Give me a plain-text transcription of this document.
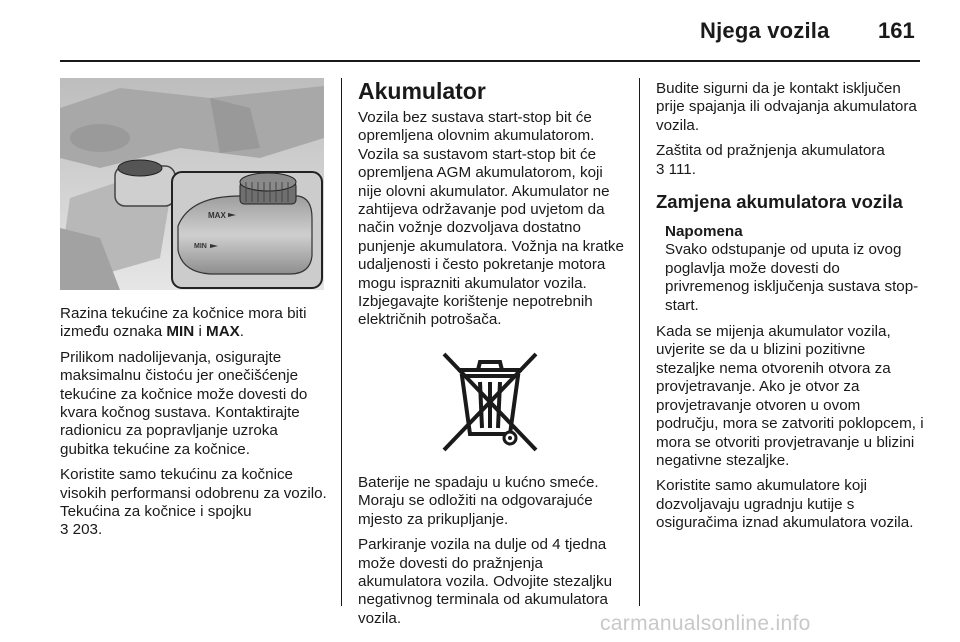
Njega vozila 161
MAX
MIN

Razina tekućine za kočnice mora biti između oznaka MIN i MAX.

Prilikom nadolijevanja, osigurajte maksimalnu čistoću jer onečišćenje tekućine za kočnice može dovesti do kvara kočnog sustava. Kontaktirajte radionicu za popravljanje uzroka gubitka tekućine za kočnice.

Koristite samo tekućinu za kočnice visokih performansi odobrenu za vozilo. Tekućina za kočnice i spojku
3 203.

Akumulator

Vozila bez sustava start-stop bit će opremljena olovnim akumulatorom. Vozila sa sustavom start-stop bit će opremljena AGM akumulatorom, koji nije olovni akumulator. Akumulator ne zahtijeva održavanje pod uvjetom da način vožnje dozvoljava dostatno punjenje akumulatora. Vožnja na kratke udaljenosti i često pokretanje motora mogu isprazniti akumulator vozila. Izbjegavajte korištenje nepotrebnih električnih potrošača.

Baterije ne spadaju u kućno smeće. Moraju se odložiti na odgovarajuće mjesto za prikupljanje.

Parkiranje vozila na dulje od 4 tjedna može dovesti do pražnjenja akumulatora vozila. Odvojite stezaljku negativnog terminala od akumulatora vozila.

Budite sigurni da je kontakt isključen prije spajanja ili odvajanja akumulatora vozila.

Zaštita od pražnjenja akumulatora
3 111.

Zamjena akumulatora vozila
Napomena
Svako odstupanje od uputa iz ovog poglavlja može dovesti do privremenog isključenja sustava stop-start.

Kada se mijenja akumulator vozila, uvjerite se da u blizini pozitivne stezaljke nema otvorenih otvora za provjetravanje. Ako je otvor za provjetravanje otvoren u ovom području, mora se zatvoriti poklopcem, i mora se otvoriti provjetravanje u blizini negativne stezaljke.

Koristite samo akumulatore koji dozvoljavaju ugradnju kutije s osiguračima iznad akumulatora vozila.

carmanualsonline.info
